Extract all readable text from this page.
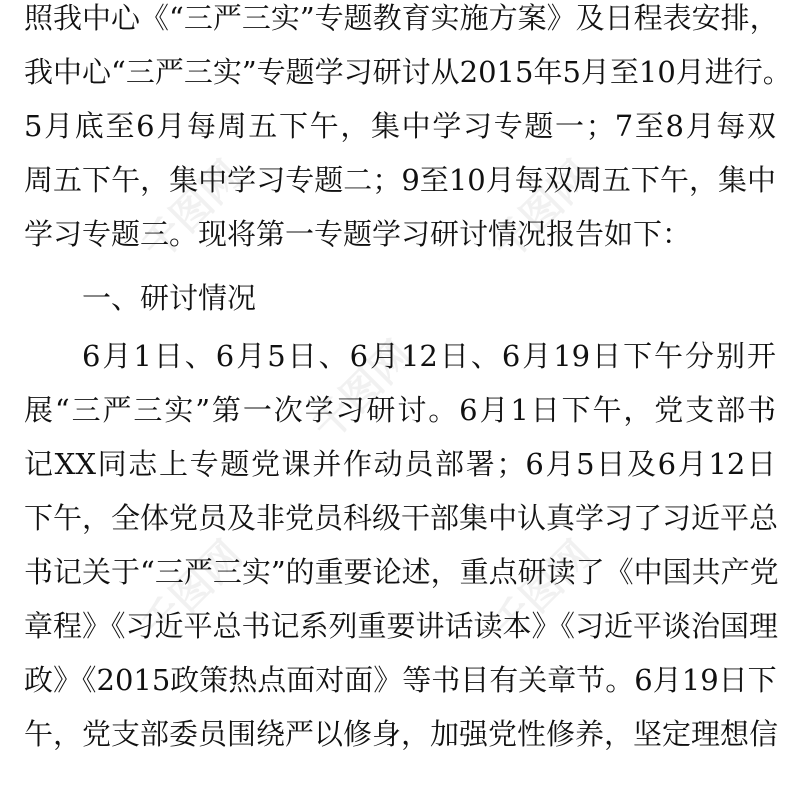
千图网	千图网
千图网
千图网	千图网
照我中心《“三严三实”专题教育实施方案》及日程表安排，
我中心“三严三实”专题学习研讨从2015年5月至10月进行。
5月底至6月每周五下午，集中学习专题一；7至8月每双
周五下午，集中学习专题二；9至10月每双周五下午，集中
学习专题三。现将第一专题学习研讨情况报告如下：
一、研讨情况
6月1日、6月5日、6月12日、6月19日下午分别开
展“三严三实”第一次学习研讨。6月1日下午，党支部书
记XX同志上专题党课并作动员部署；6月5日及6月12日
下午，全体党员及非党员科级干部集中认真学习了习近平总
书记关于“三严三实”的重要论述，重点研读了《中国共产党
章程》《习近平总书记系列重要讲话读本》《习近平谈治国理
政》《2015政策热点面对面》等书目有关章节。6月19日下
午，党支部委员围绕严以修身，加强党性修养，坚定理想信
